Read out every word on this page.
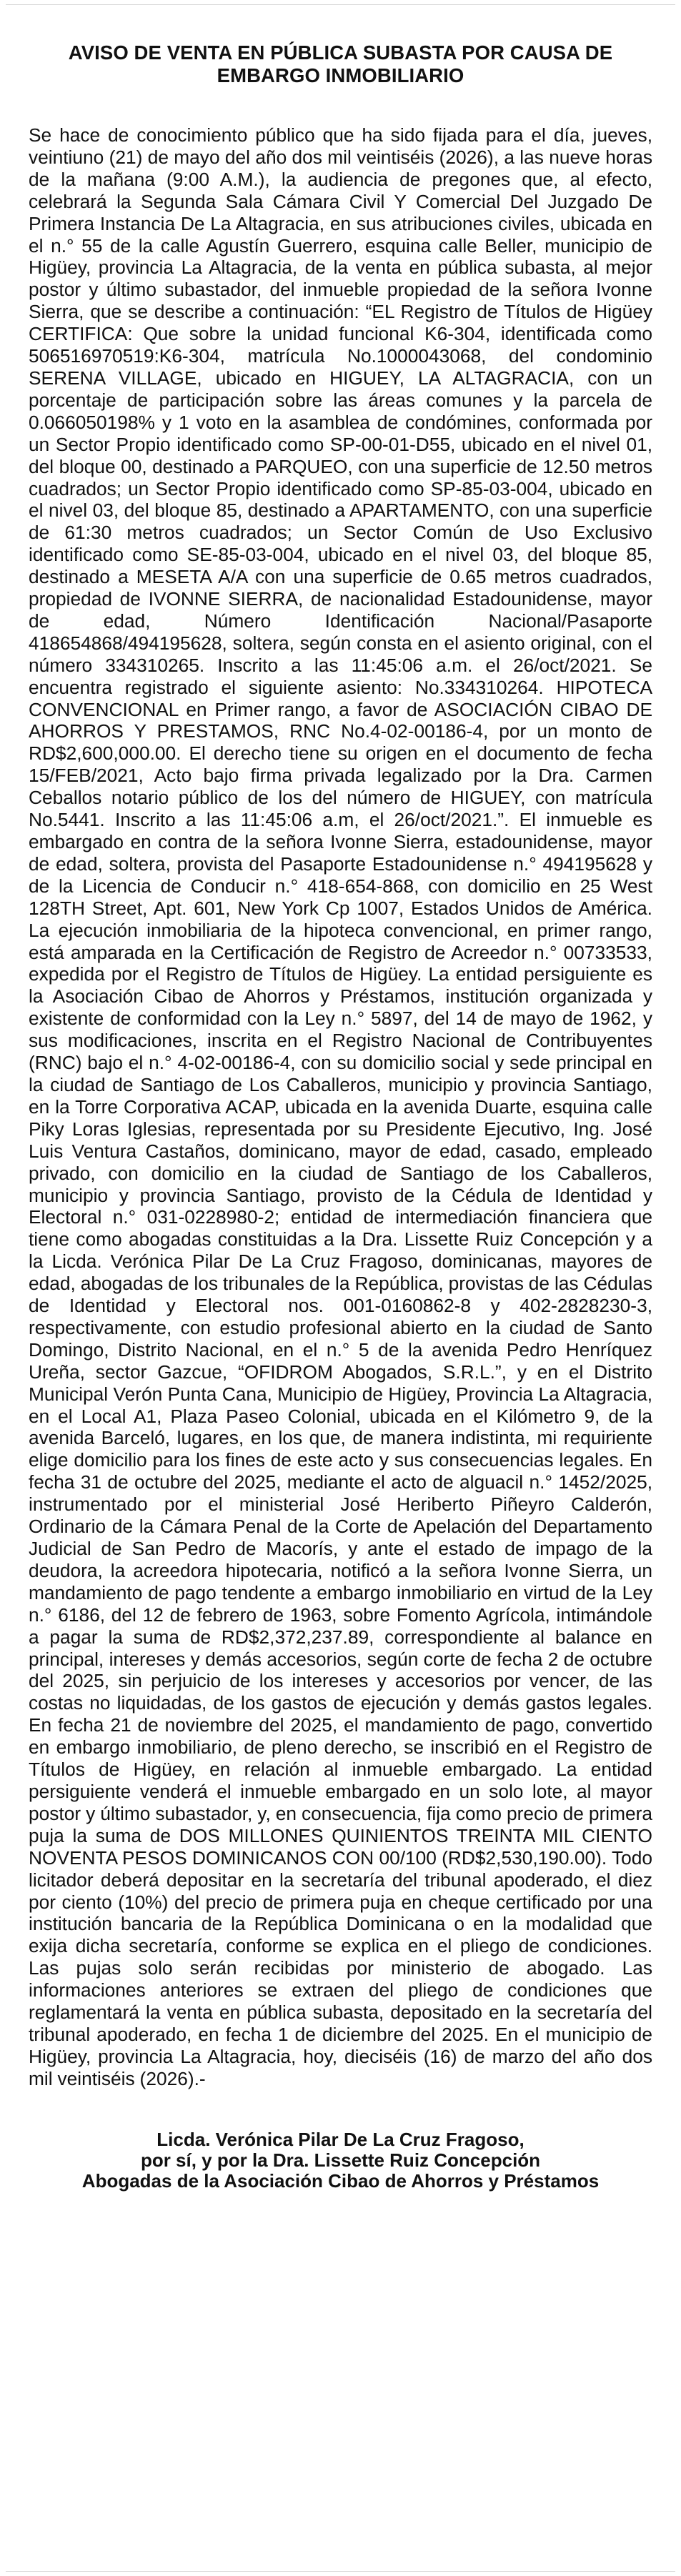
AVISO DE VENTA EN PÚBLICA SUBASTA POR CAUSA DE
EMBARGO INMOBILIARIO

Se hace de conocimiento público que ha sido fijada para el día, jueves, veintiuno (21) de mayo del año dos mil veintiséis (2026), a las nueve horas de la mañana (9:00 A.M.), la audiencia de pregones que, al efecto, celebrará la Segunda Sala Cámara Civil Y Comercial Del Juzgado De Primera Instancia De La Altagracia, en sus atribuciones civiles, ubicada en el n.° 55 de la calle Agustín Guerrero, esquina calle Beller, municipio de Higüey, provincia La Altagracia, de la venta en pública subasta, al mejor postor y último subastador, del inmueble propiedad de la señora Ivonne Sierra, que se describe a continuación: “EL Registro de Títulos de Higüey CERTIFICA: Que sobre la unidad funcional K6-304, identificada como 506516970519:K6-304, matrícula No.1000043068, del condominio SERENA VILLAGE, ubicado en HIGUEY, LA ALTAGRACIA, con un porcentaje de participación sobre las áreas comunes y la parcela de 0.066050198% y 1 voto en la asamblea de condómines, conformada por un Sector Propio identificado como SP-00-01-D55, ubicado en el nivel 01, del bloque 00, destinado a PARQUEO, con una superficie de 12.50 metros cuadrados; un Sector Propio identificado como SP-85-03-004, ubicado en el nivel 03, del bloque 85, destinado a APARTAMENTO, con una superficie de 61:30 metros cuadrados; un Sector Común de Uso Exclusivo identificado como SE-85-03-004, ubicado en el nivel 03, del bloque 85, destinado a MESETA A/A con una superficie de 0.65 metros cuadrados, propiedad de IVONNE SIERRA, de nacionalidad Estadounidense, mayor de edad, Número Identificación Nacional/Pasaporte 418654868/494195628, soltera, según consta en el asiento original, con el número 334310265. Inscrito a las 11:45:06 a.m. el 26/oct/2021. Se encuentra registrado el siguiente asiento: No.334310264. HIPOTECA CONVENCIONAL en Primer rango, a favor de ASOCIACIÓN CIBAO DE AHORROS Y PRESTAMOS, RNC No.4-02-00186-4, por un monto de RD$2,600,000.00. El derecho tiene su origen en el documento de fecha 15/FEB/2021, Acto bajo firma privada legalizado por la Dra. Carmen Ceballos notario público de los del número de HIGUEY, con matrícula No.5441. Inscrito a las 11:45:06 a.m, el 26/oct/2021.”. El inmueble es embargado en contra de la señora Ivonne Sierra, estadounidense, mayor de edad, soltera, provista del Pasaporte Estadounidense n.° 494195628 y de la Licencia de Conducir n.° 418-654-868, con domicilio en 25 West 128TH Street, Apt. 601, New York Cp 1007, Estados Unidos de América. La ejecución inmobiliaria de la hipoteca convencional, en primer rango, está amparada en la Certificación de Registro de Acreedor n.° 00733533, expedida por el Registro de Títulos de Higüey. La entidad persiguiente es la Asociación Cibao de Ahorros y Préstamos, institución organizada y existente de conformidad con la Ley n.° 5897, del 14 de mayo de 1962, y sus modificaciones, inscrita en el Registro Nacional de Contribuyentes (RNC) bajo el n.° 4-02-00186-4, con su domicilio social y sede principal en la ciudad de Santiago de Los Caballeros, municipio y provincia Santiago, en la Torre Corporativa ACAP, ubicada en la avenida Duarte, esquina calle Piky Loras Iglesias, representada por su Presidente Ejecutivo, Ing. José Luis Ventura Castaños, dominicano, mayor de edad, casado, empleado privado, con domicilio en la ciudad de Santiago de los Caballeros, municipio y provincia Santiago, provisto de la Cédula de Identidad y Electoral n.° 031-0228980-2; entidad de intermediación financiera que tiene como abogadas constituidas a la Dra. Lissette Ruiz Concepción y a la Licda. Verónica Pilar De La Cruz Fragoso, dominicanas, mayores de edad, abogadas de los tribunales de la República, provistas de las Cédulas de Identidad y Electoral nos. 001-0160862-8 y 402-2828230-3, respectivamente, con estudio profesional abierto en la ciudad de Santo Domingo, Distrito Nacional, en el n.° 5 de la avenida Pedro Henríquez Ureña, sector Gazcue, “OFIDROM Abogados, S.R.L.”, y en el Distrito Municipal Verón Punta Cana, Municipio de Higüey, Provincia La Altagracia, en el Local A1, Plaza Paseo Colonial, ubicada en el Kilómetro 9, de la avenida Barceló, lugares, en los que, de manera indistinta, mi requiriente elige domicilio para los fines de este acto y sus consecuencias legales. En fecha 31 de octubre del 2025, mediante el acto de alguacil n.° 1452/2025, instrumentado por el ministerial José Heriberto Piñeyro Calderón, Ordinario de la Cámara Penal de la Corte de Apelación del Departamento Judicial de San Pedro de Macorís, y ante el estado de impago de la deudora, la acreedora hipotecaria, notificó a la señora Ivonne Sierra, un mandamiento de pago tendente a embargo inmobiliario en virtud de la Ley n.° 6186, del 12 de febrero de 1963, sobre Fomento Agrícola, intimándole a pagar la suma de RD$2,372,237.89, correspondiente al balance en principal, intereses y demás accesorios, según corte de fecha 2 de octubre del 2025, sin perjuicio de los intereses y accesorios por vencer, de las costas no liquidadas, de los gastos de ejecución y demás gastos legales. En fecha 21 de noviembre del 2025, el mandamiento de pago, convertido en embargo inmobiliario, de pleno derecho, se inscribió en el Registro de Títulos de Higüey, en relación al inmueble embargado. La entidad persiguiente venderá el inmueble embargado en un solo lote, al mayor postor y último subastador, y, en consecuencia, fija como precio de primera puja la suma de DOS MILLONES QUINIENTOS TREINTA MIL CIENTO NOVENTA PESOS DOMINICANOS CON 00/100 (RD$2,530,190.00). Todo licitador deberá depositar en la secretaría del tribunal apoderado, el diez por ciento (10%) del precio de primera puja en cheque certificado por una institución bancaria de la República Dominicana o en la modalidad que exija dicha secretaría, conforme se explica en el pliego de condiciones. Las pujas solo serán recibidas por ministerio de abogado. Las informaciones anteriores se extraen del pliego de condiciones que reglamentará la venta en pública subasta, depositado en la secretaría del tribunal apoderado, en fecha 1 de diciembre del 2025. En el municipio de Higüey, provincia La Altagracia, hoy, dieciséis (16) de marzo del año dos mil veintiséis (2026).-

Licda. Verónica Pilar De La Cruz Fragoso,
por sí, y por la Dra. Lissette Ruiz Concepción
Abogadas de la Asociación Cibao de Ahorros y Préstamos
